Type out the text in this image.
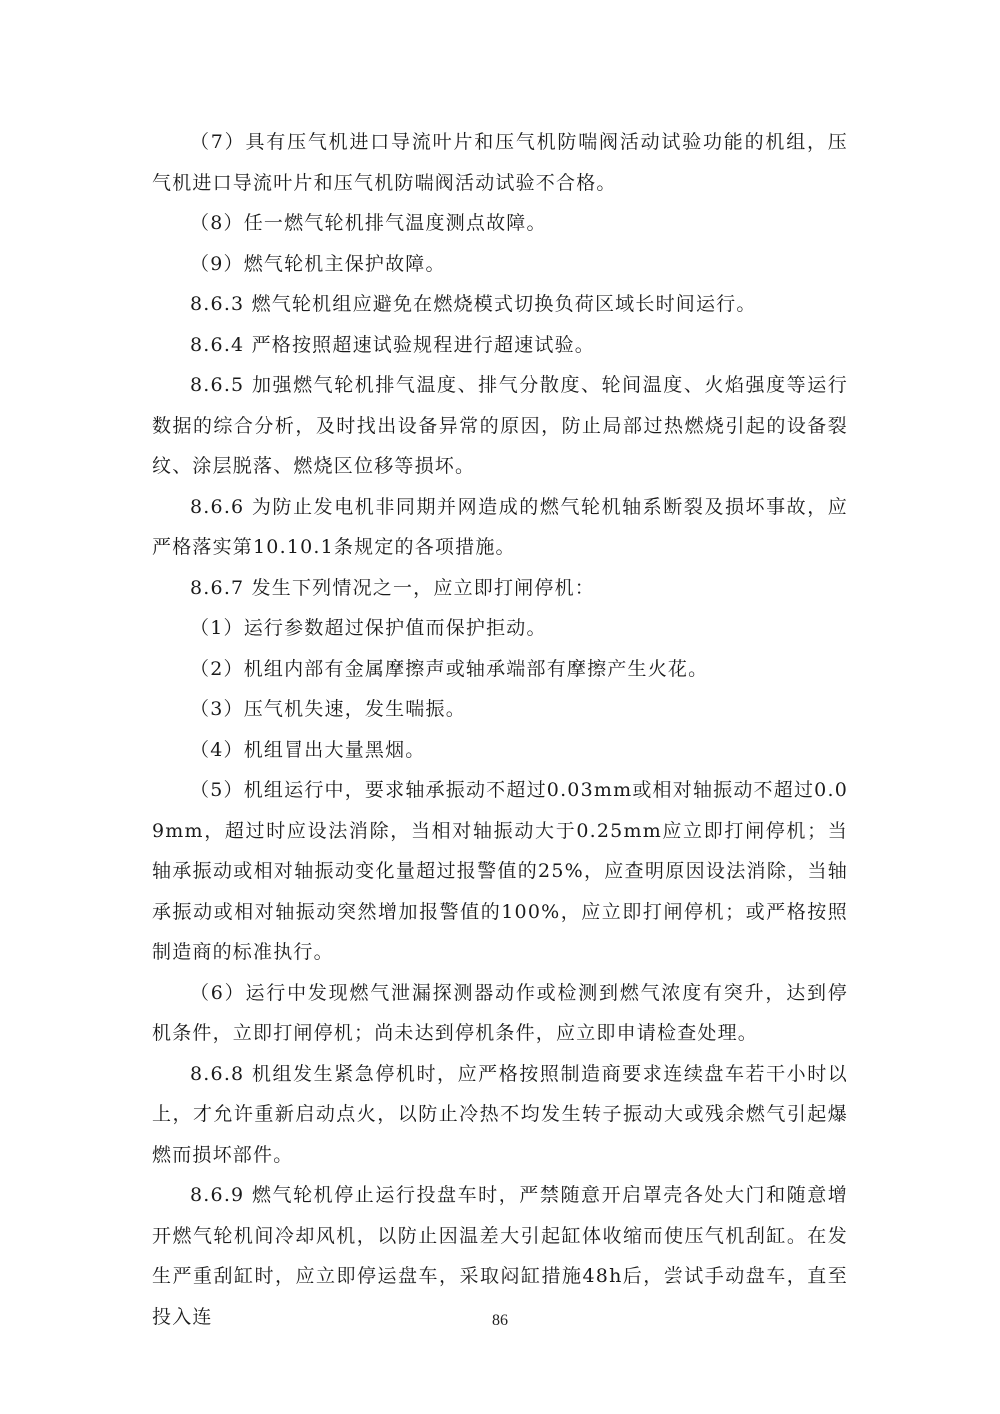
（7）具有压气机进口导流叶片和压气机防喘阀活动试验功能的机组，压气机进口导流叶片和压气机防喘阀活动试验不合格。

（8）任一燃气轮机排气温度测点故障。

（9）燃气轮机主保护故障。

8.6.3 燃气轮机组应避免在燃烧模式切换负荷区域长时间运行。

8.6.4 严格按照超速试验规程进行超速试验。

8.6.5 加强燃气轮机排气温度、排气分散度、轮间温度、火焰强度等运行数据的综合分析，及时找出设备异常的原因，防止局部过热燃烧引起的设备裂纹、涂层脱落、燃烧区位移等损坏。

8.6.6 为防止发电机非同期并网造成的燃气轮机轴系断裂及损坏事故，应严格落实第10.10.1条规定的各项措施。

8.6.7 发生下列情况之一，应立即打闸停机：

（1）运行参数超过保护值而保护拒动。

（2）机组内部有金属摩擦声或轴承端部有摩擦产生火花。

（3）压气机失速，发生喘振。

（4）机组冒出大量黑烟。

（5）机组运行中，要求轴承振动不超过0.03mm或相对轴振动不超过0.09mm，超过时应设法消除，当相对轴振动大于0.25mm应立即打闸停机；当轴承振动或相对轴振动变化量超过报警值的25%，应查明原因设法消除，当轴承振动或相对轴振动突然增加报警值的100%，应立即打闸停机；或严格按照制造商的标准执行。

（6）运行中发现燃气泄漏探测器动作或检测到燃气浓度有突升，达到停机条件，立即打闸停机；尚未达到停机条件，应立即申请检查处理。

8.6.8 机组发生紧急停机时，应严格按照制造商要求连续盘车若干小时以上，才允许重新启动点火，以防止冷热不均发生转子振动大或残余燃气引起爆燃而损坏部件。

8.6.9 燃气轮机停止运行投盘车时，严禁随意开启罩壳各处大门和随意增开燃气轮机间冷却风机，以防止因温差大引起缸体收缩而使压气机刮缸。在发生严重刮缸时，应立即停运盘车，采取闷缸措施48h后，尝试手动盘车，直至投入连	86
